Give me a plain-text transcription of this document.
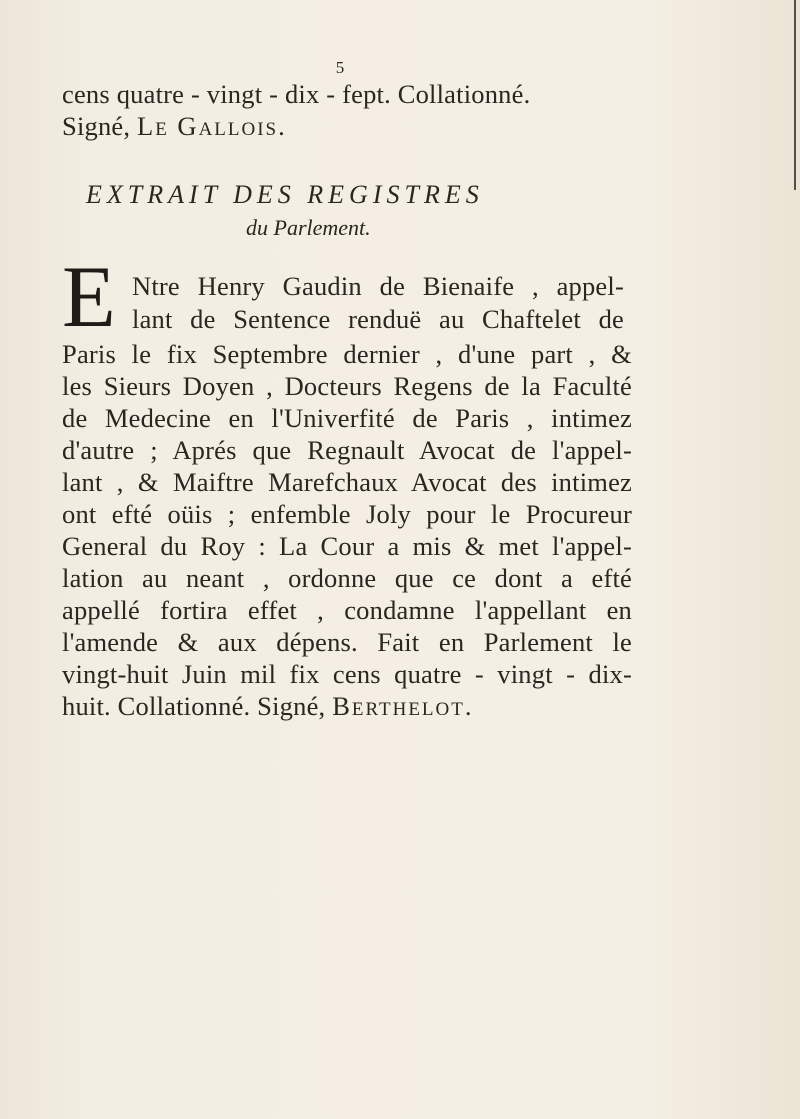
5
cens quatre - vingt - dix - fept. Collationné.
Signé, Le Gallois.
EXTRAIT DES REGISTRES
du Parlement.
E Ntre Henry Gaudin de Bienaife , appel-
lant de Sentence renduë au Chaftelet de
Paris le fix Septembre dernier , d'une part , &
les Sieurs Doyen , Docteurs Regens de la Faculté
de Medecine en l'Univerfité de Paris , intimez
d'autre ; Aprés que Regnault Avocat de l'appel-
lant , & Maiftre Marefchaux Avocat des intimez
ont efté oüis ; enfemble Joly pour le Procureur
General du Roy : La Cour a mis & met l'appel-
lation au neant , ordonne que ce dont a efté
appellé fortira effet , condamne l'appellant en
l'amende & aux dépens. Fait en Parlement le
vingt-huit Juin mil fix cens quatre - vingt - dix-
huit. Collationné. Signé, Berthelot.
